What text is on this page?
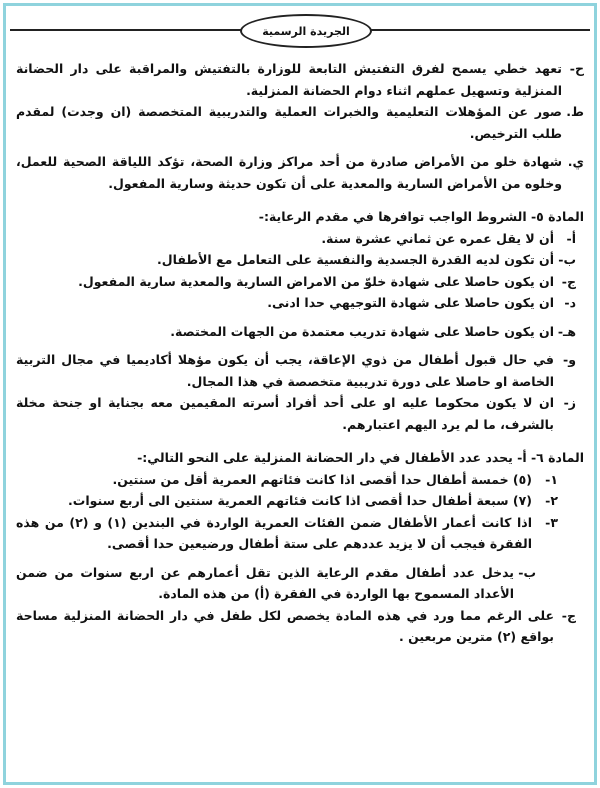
الجريدة الرسمية
ح-
تعهد خطي يسمح لفرق التفتيش التابعة للوزارة بالتفتيش والمراقبة على دار الحضانة المنزلية وتسهيل عملهم اثناء دوام الحضانة المنزلية.
ط.
صور عن المؤهلات التعليمية والخبرات العملية والتدريبية المتخصصة (ان وجدت) لمقدم طلب الترخيص.
ي.
شهادة خلو من الأمراض صادرة من أحد مراكز وزارة الصحة، تؤكد اللياقة الصحية للعمل، وخلوه من الأمراض السارية والمعدية على أن تكون حديثة وسارية المفعول.
المادة ٥- الشروط الواجب توافرها في مقدم الرعاية:-
أ-
أن لا يقل عمره عن ثماني عشرة سنة.
ب-
أن تكون لديه القدرة الجسدية والنفسية على التعامل مع الأطفال.
ج-
ان يكون حاصلا على شهادة خلوّ من الامراض السارية والمعدية سارية المفعول.
د-
ان يكون حاصلا على شهادة التوجيهي حدا ادنى.
هـ-
ان يكون حاصلا على شهادة تدريب معتمدة من الجهات المختصة.
و-
في حال قبول أطفال من ذوي الإعاقة، يجب أن يكون مؤهلا أكاديميا في مجال التربية الخاصة او حاصلا على دورة تدريبية متخصصة في هذا المجال.
ز-
ان لا يكون محكوما عليه او على أحد أفراد أسرته المقيمين معه بجناية او جنحة مخلة بالشرف، ما لم يرد اليهم اعتبارهم.
المادة ٦- أ- يحدد عدد الأطفال في دار الحضانة المنزلية على النحو التالي:-
١-
(٥) خمسة أطفال حدا أقصى اذا كانت فئاتهم العمرية أقل من سنتين.
٢-
(٧) سبعة أطفال حدا أقصى اذا كانت فئاتهم العمرية سنتين الى أربع سنوات.
٣-
اذا كانت أعمار الأطفال ضمن الفئات العمرية الواردة في البندين (١) و (٢) من هذه الفقرة فيجب أن لا يزيد عددهم على ستة أطفال ورضيعين حدا أقصى.
ب-
يدخل عدد أطفال مقدم الرعاية الذين تقل أعمارهم عن اربع سنوات من ضمن الأعداد المسموح بها الواردة في الفقرة (أ) من هذه المادة.
ج-
على الرغم مما ورد في هذه المادة يخصص لكل طفل في دار الحضانة المنزلية مساحة بواقع (٢) مترين مربعين .
